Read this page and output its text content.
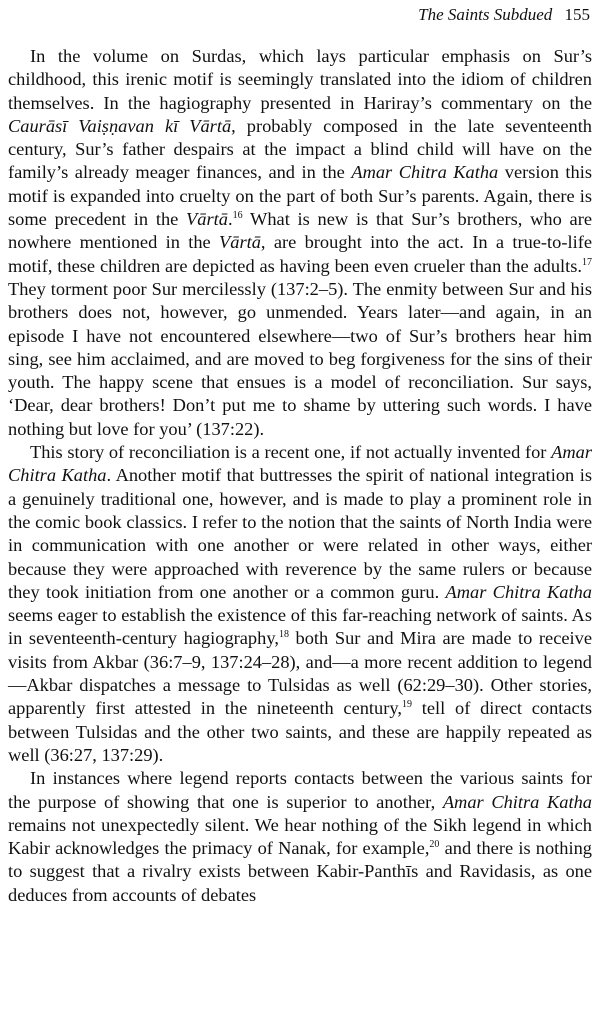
The Saints Subdued 155

In the volume on Surdas, which lays particular emphasis on Sur’s childhood, this irenic motif is seemingly translated into the idiom of children themselves. In the hagiography presented in Hariray’s commentary on the Caurāsī Vaiṣṇavan kī Vārtā, probably composed in the late seventeenth century, Sur’s father despairs at the impact a blind child will have on the family’s already meager finances, and in the Amar Chitra Katha version this motif is expanded into cruelty on the part of both Sur’s parents. Again, there is some precedent in the Vārtā.$^{16}$ What is new is that Sur’s brothers, who are nowhere mentioned in the Vārtā, are brought into the act. In a true-to-life motif, these children are depicted as having been even crueler than the adults.$^{17}$ They torment poor Sur mercilessly (137:2–5). The enmity between Sur and his brothers does not, however, go unmended. Years later—and again, in an episode I have not encountered elsewhere—two of Sur’s brothers hear him sing, see him acclaimed, and are moved to beg forgiveness for the sins of their youth. The happy scene that ensues is a model of reconciliation. Sur says, ‘Dear, dear brothers! Don’t put me to shame by uttering such words. I have nothing but love for you’ (137:22).

This story of reconciliation is a recent one, if not actually invented for Amar Chitra Katha. Another motif that buttresses the spirit of national integration is a genuinely traditional one, however, and is made to play a prominent role in the comic book classics. I refer to the notion that the saints of North India were in communication with one another or were related in other ways, either because they were approached with reverence by the same rulers or because they took initiation from one another or a common guru. Amar Chitra Katha seems eager to establish the existence of this far-reaching network of saints. As in seventeenth-century hagiography,$^{18}$ both Sur and Mira are made to receive visits from Akbar (36:7–9, 137:24–28), and—a more recent addition to legend—Akbar dispatches a message to Tulsidas as well (62:29–30). Other stories, apparently first attested in the nineteenth century,$^{19}$ tell of direct contacts between Tulsidas and the other two saints, and these are happily repeated as well (36:27, 137:29).

In instances where legend reports contacts between the various saints for the purpose of showing that one is superior to another, Amar Chitra Katha remains not unexpectedly silent. We hear nothing of the Sikh legend in which Kabir acknowledges the primacy of Nanak, for example,$^{20}$ and there is nothing to suggest that a rivalry exists between Kabir-Panthīs and Ravidasis, as one deduces from accounts of debates
